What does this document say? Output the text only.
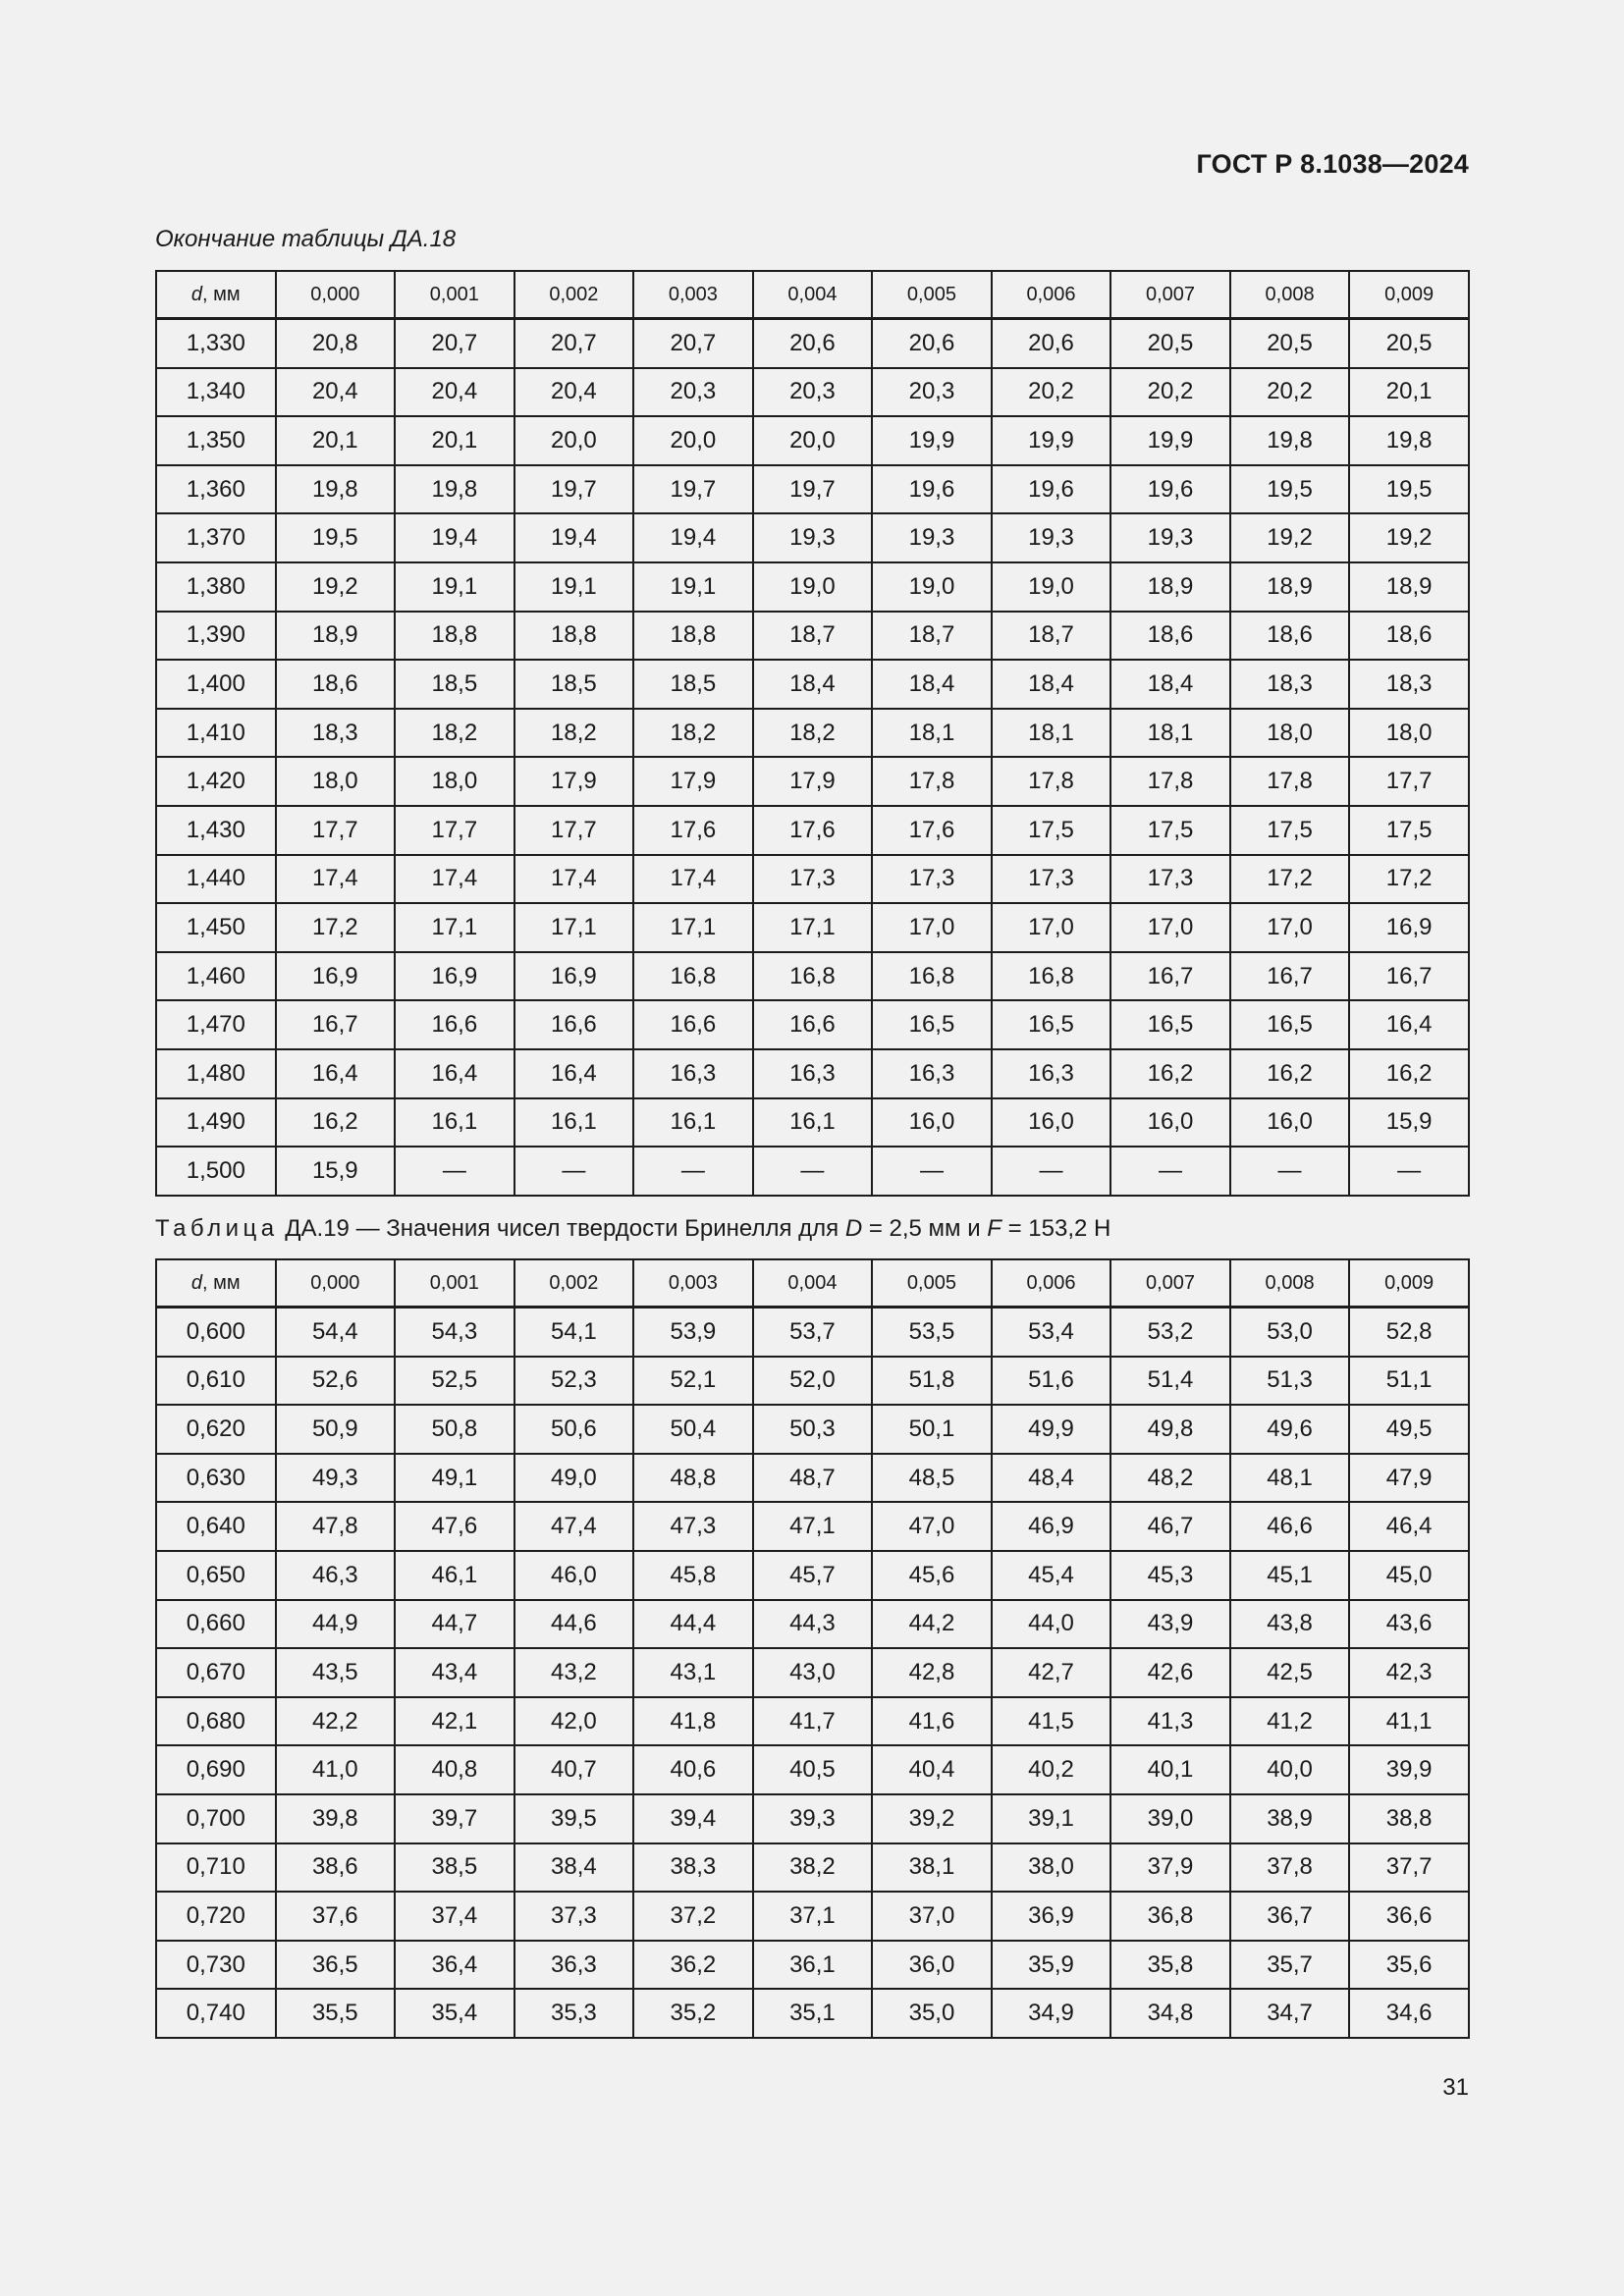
ГОСТ Р 8.1038—2024
Окончание таблицы ДА.18
d, мм	0,000	0,001	0,002	0,003	0,004	0,005	0,006	0,007	0,008	0,009
1,330	20,8	20,7	20,7	20,7	20,6	20,6	20,6	20,5	20,5	20,5
1,340	20,4	20,4	20,4	20,3	20,3	20,3	20,2	20,2	20,2	20,1
1,350	20,1	20,1	20,0	20,0	20,0	19,9	19,9	19,9	19,8	19,8
1,360	19,8	19,8	19,7	19,7	19,7	19,6	19,6	19,6	19,5	19,5
1,370	19,5	19,4	19,4	19,4	19,3	19,3	19,3	19,3	19,2	19,2
1,380	19,2	19,1	19,1	19,1	19,0	19,0	19,0	18,9	18,9	18,9
1,390	18,9	18,8	18,8	18,8	18,7	18,7	18,7	18,6	18,6	18,6
1,400	18,6	18,5	18,5	18,5	18,4	18,4	18,4	18,4	18,3	18,3
1,410	18,3	18,2	18,2	18,2	18,2	18,1	18,1	18,1	18,0	18,0
1,420	18,0	18,0	17,9	17,9	17,9	17,8	17,8	17,8	17,8	17,7
1,430	17,7	17,7	17,7	17,6	17,6	17,6	17,5	17,5	17,5	17,5
1,440	17,4	17,4	17,4	17,4	17,3	17,3	17,3	17,3	17,2	17,2
1,450	17,2	17,1	17,1	17,1	17,1	17,0	17,0	17,0	17,0	16,9
1,460	16,9	16,9	16,9	16,8	16,8	16,8	16,8	16,7	16,7	16,7
1,470	16,7	16,6	16,6	16,6	16,6	16,5	16,5	16,5	16,5	16,4
1,480	16,4	16,4	16,4	16,3	16,3	16,3	16,3	16,2	16,2	16,2
1,490	16,2	16,1	16,1	16,1	16,1	16,0	16,0	16,0	16,0	15,9
1,500	15,9	—	—	—	—	—	—	—	—	—
Таблица ДА.19 — Значения чисел твердости Бринелля для D = 2,5 мм и F = 153,2 Н
d, мм	0,000	0,001	0,002	0,003	0,004	0,005	0,006	0,007	0,008	0,009
0,600	54,4	54,3	54,1	53,9	53,7	53,5	53,4	53,2	53,0	52,8
0,610	52,6	52,5	52,3	52,1	52,0	51,8	51,6	51,4	51,3	51,1
0,620	50,9	50,8	50,6	50,4	50,3	50,1	49,9	49,8	49,6	49,5
0,630	49,3	49,1	49,0	48,8	48,7	48,5	48,4	48,2	48,1	47,9
0,640	47,8	47,6	47,4	47,3	47,1	47,0	46,9	46,7	46,6	46,4
0,650	46,3	46,1	46,0	45,8	45,7	45,6	45,4	45,3	45,1	45,0
0,660	44,9	44,7	44,6	44,4	44,3	44,2	44,0	43,9	43,8	43,6
0,670	43,5	43,4	43,2	43,1	43,0	42,8	42,7	42,6	42,5	42,3
0,680	42,2	42,1	42,0	41,8	41,7	41,6	41,5	41,3	41,2	41,1
0,690	41,0	40,8	40,7	40,6	40,5	40,4	40,2	40,1	40,0	39,9
0,700	39,8	39,7	39,5	39,4	39,3	39,2	39,1	39,0	38,9	38,8
0,710	38,6	38,5	38,4	38,3	38,2	38,1	38,0	37,9	37,8	37,7
0,720	37,6	37,4	37,3	37,2	37,1	37,0	36,9	36,8	36,7	36,6
0,730	36,5	36,4	36,3	36,2	36,1	36,0	35,9	35,8	35,7	35,6
0,740	35,5	35,4	35,3	35,2	35,1	35,0	34,9	34,8	34,7	34,6
31
